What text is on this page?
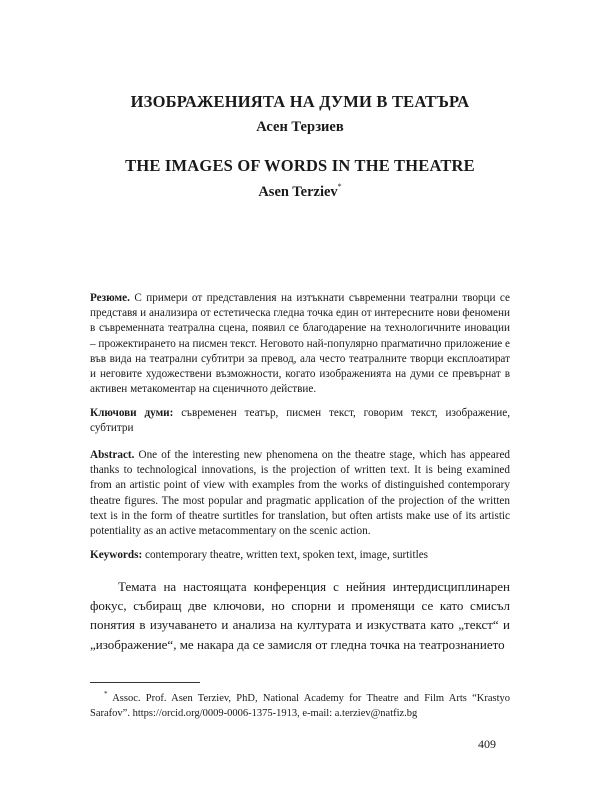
ИЗОБРАЖЕНИЯТА НА ДУМИ В ТЕАТЪРА
Асен Терзиев
THE IMAGES OF WORDS IN THE THEATRE
Asen Terziev*
Резюме. С примери от представления на изтъкнати съвременни театрални творци се представя и анализира от естетическа гледна точка един от интересните нови феномени в съвременната театрална сцена, появил се благодарение на технологичните иновации – прожектирането на писмен текст. Неговото най-популярно прагматично приложение е във вида на театрални субтитри за превод, ала често театралните творци експлоатират и неговите художествени възможности, когато изображенията на думи се превърнат в активен метакоментар на сценичното действие.
Ключови думи: съвременен театър, писмен текст, говорим текст, изображение, субтитри
Abstract. One of the interesting new phenomena on the theatre stage, which has appeared thanks to technological innovations, is the projection of written text. It is being examined from an artistic point of view with examples from the works of distinguished contemporary theatre figures. The most popular and pragmatic application of the projection of the written text is in the form of theatre surtitles for translation, but often artists make use of its artistic potentiality as an active metacommentary on the scenic action.
Keywords: contemporary theatre, written text, spoken text, image, surtitles
Темата на настоящата конференция с нейния интердисциплинарен фокус, събиращ две ключови, но спорни и променящи се като смисъл понятия в изучаването и анализа на културата и изкуствата като „текст“ и „изображение“, ме накара да се замисля от гледна точка на театрознанието
* Assoc. Prof. Asen Terziev, PhD, National Academy for Theatre and Film Arts “Krastyo Sarafov”. https://orcid.org/0009-0006-1375-1913, e-mail: a.terziev@natfiz.bg
409
